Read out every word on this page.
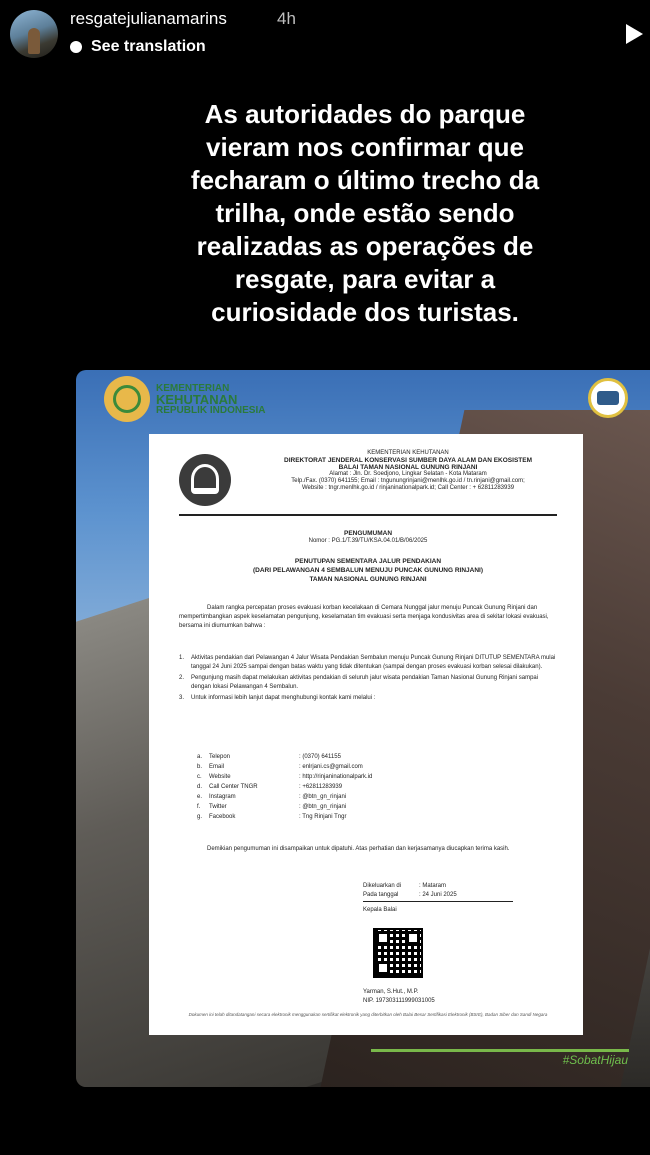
resgatejulianamarins	4h
See translation
As autoridades do parque vieram nos confirmar que fecharam o último trecho da trilha, onde estão sendo realizadas as operações de resgate, para evitar a curiosidade dos turistas.
KEMENTERIAN
KEHUTANAN
REPUBLIK INDONESIA
KEMENTERIAN KEHUTANAN
DIREKTORAT JENDERAL KONSERVASI SUMBER DAYA ALAM DAN EKOSISTEM
BALAI TAMAN NASIONAL GUNUNG RINJANI
Alamat : Jln. Dr. Soedjono, Lingkar Selatan - Kota Mataram
Telp./Fax. (0370) 641155; Email : tngunungrinjani@menlhk.go.id / tn.rinjani@gmail.com;
Website : tngr.menlhk.go.id / rinjaninationalpark.id; Call Center : + 62811283939
PENGUMUMAN
Nomor : PG.1/T.39/TU/KSA.04.01/B/06/2025
PENUTUPAN SEMENTARA JALUR PENDAKIAN
(DARI PELAWANGAN 4 SEMBALUN MENUJU PUNCAK GUNUNG RINJANI)
TAMAN NASIONAL GUNUNG RINJANI
Dalam rangka percepatan proses evakuasi korban kecelakaan di Cemara Nunggal jalur menuju Puncak Gunung Rinjani dan mempertimbangkan aspek keselamatan pengunjung, keselamatan tim evakuasi serta menjaga kondusivitas area di sekitar lokasi evakuasi, bersama ini diumumkan bahwa :
1.	Aktivitas pendakian dari Pelawangan 4 Jalur Wisata Pendakian Sembalun menuju Puncak Gunung Rinjani DITUTUP SEMENTARA mulai tanggal 24 Juni 2025 sampai dengan batas waktu yang tidak ditentukan (sampai dengan proses evakuasi korban selesai dilakukan).
2.	Pengunjung masih dapat melakukan aktivitas pendakian di seluruh jalur wisata pendakian Taman Nasional Gunung Rinjani sampai dengan lokasi Pelawangan 4 Sembalun.
3.	Untuk informasi lebih lanjut dapat menghubungi kontak kami melalui :
a.	Telepon	: (0370) 641155
b.	Email	: enlrjani.cs@gmail.com
c.	Website	: http://rinjaninationalpark.id
d.	Call Center TNGR	: +62811283939
e.	Instagram	: @btn_gn_rinjani
f.	Twitter	: @btn_gn_rinjani
g.	Facebook	: Tng Rinjani Tngr
Demikian pengumuman ini disampaikan untuk dipatuhi. Atas perhatian dan kerjasamanya diucapkan terima kasih.
Dikeluarkan di	: Mataram
Pada tanggal	: 24 Juni 2025
Kepala Balai
Yarman, S.Hut., M.P.
NIP. 197303111999031005
Dokumen ini telah ditandatangani secara elektronik menggunakan sertifikat elektronik yang diterbitkan oleh Balai Besar Sertifikasi Elektronik (BSrE), Badan Siber dan Sandi Negara
#SobatHijau
